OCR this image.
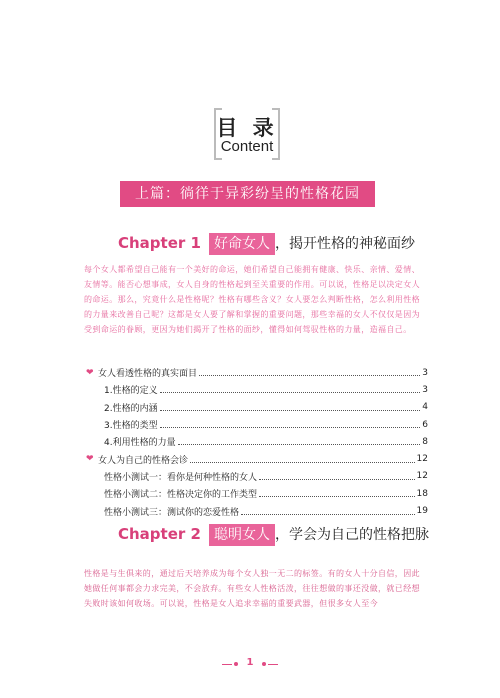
目 录
Content
上篇：徜徉于异彩纷呈的性格花园
Chapter 1 好命女人 ，揭开性格的神秘面纱
每个女人都希望自己能有一个美好的命运，她们希望自己能拥有健康、快乐、亲情、爱情、友情等。能否心想事成，女人自身的性格起到至关重要的作用。可以说，性格足以决定女人的命运。那么，究竟什么是性格呢？性格有哪些含义？女人要怎么判断性格，怎么利用性格的力量来改善自己呢？这都是女人要了解和掌握的重要问题，那些幸福的女人不仅仅是因为受到命运的眷顾，更因为她们揭开了性格的面纱，懂得如何驾驭性格的力量，造福自己。
❤ 女人看透性格的真实面目	3
1.性格的定义	3
2.性格的内涵	4
3.性格的类型	6
4.利用性格的力量	8
❤ 女人为自己的性格会诊	12
性格小测试一：看你是何种性格的女人	12
性格小测试二：性格决定你的工作类型	18
性格小测试三：测试你的恋爱性格	19
Chapter 2 聪明女人 ，学会为自己的性格把脉
性格是与生俱来的，通过后天培养成为每个女人独一无二的标签。有的女人十分自信，因此她做任何事都会力求完美，不会放弃。有些女人性格活泼，往往想做的事还没做，就已经想失败时该如何收场。可以说，性格是女人追求幸福的重要武器，但很多女人至今
1
